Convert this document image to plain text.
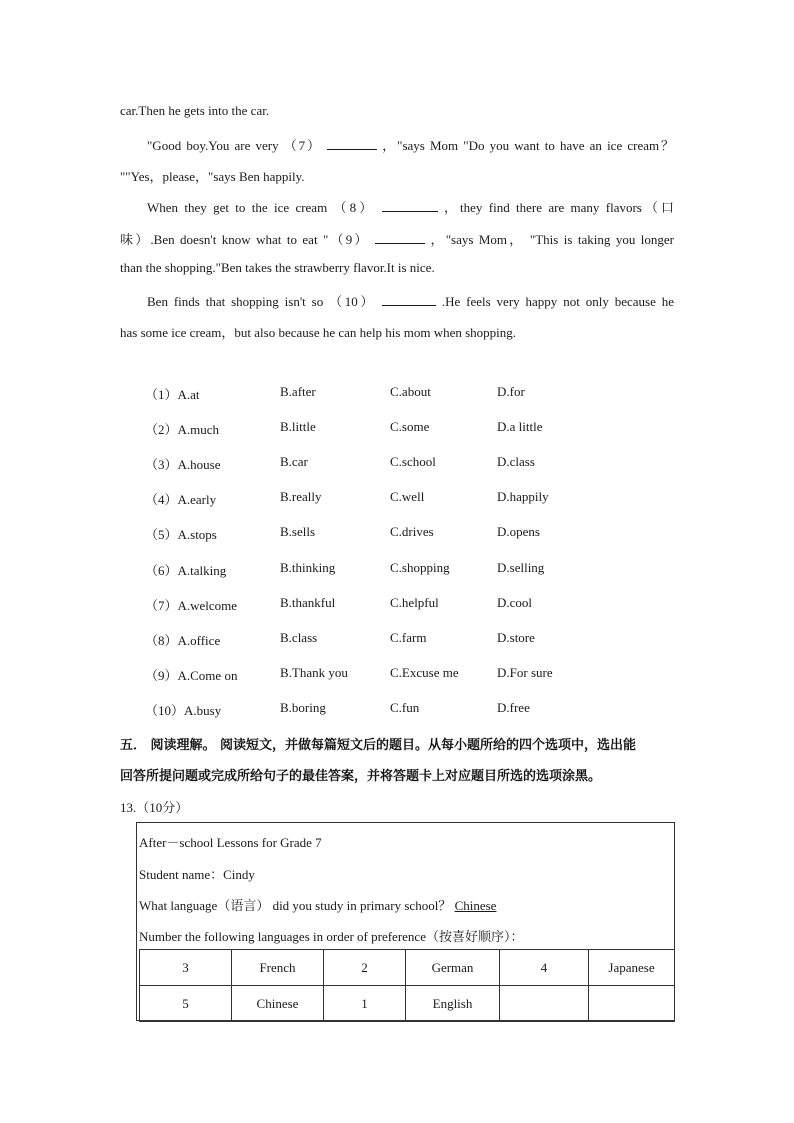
car.Then he gets into the car.
"Good boy.You are very （7）	，"says Mom "Do you want to have an ice cream？
""Yes，please，"says Ben happily.
When they get to the ice cream （8）	，they find there are many flavors（口
味）.Ben doesn't know what to eat "（9）	，"says Mom， "This is taking you longer
than the shopping."Ben takes the strawberry flavor.It is nice.
Ben finds that shopping isn't so （10）	.He feels very happy not only because he
has some ice cream，but also because he can help his mom when shopping.
（1）A.at	B.after	C.about	D.for
（2）A.much	B.little	C.some	D.a little
（3）A.house	B.car	C.school	D.class
（4）A.early	B.really	C.well	D.happily
（5）A.stops	B.sells	C.drives	D.opens
（6）A.talking	B.thinking	C.shopping	D.selling
（7）A.welcome	B.thankful	C.helpful	D.cool
（8）A.office	B.class	C.farm	D.store
（9）A.Come on	B.Thank you	C.Excuse me	D.For sure
（10）A.busy	B.boring	C.fun	D.free
五． 阅读理解。 阅读短文，并做每篇短文后的题目。从每小题所给的四个选项中，选出能
回答所提问题或完成所给句子的最佳答案，并将答题卡上对应题目所选的选项涂黑。
13.（10分）
After－school Lessons for Grade 7
Student name：Cindy
What language（语言） did you study in primary school？ Chinese
Number the following languages in order of preference（按喜好顺序）：
3	French	2	German	4	Japanese
5	Chinese	1	English		
